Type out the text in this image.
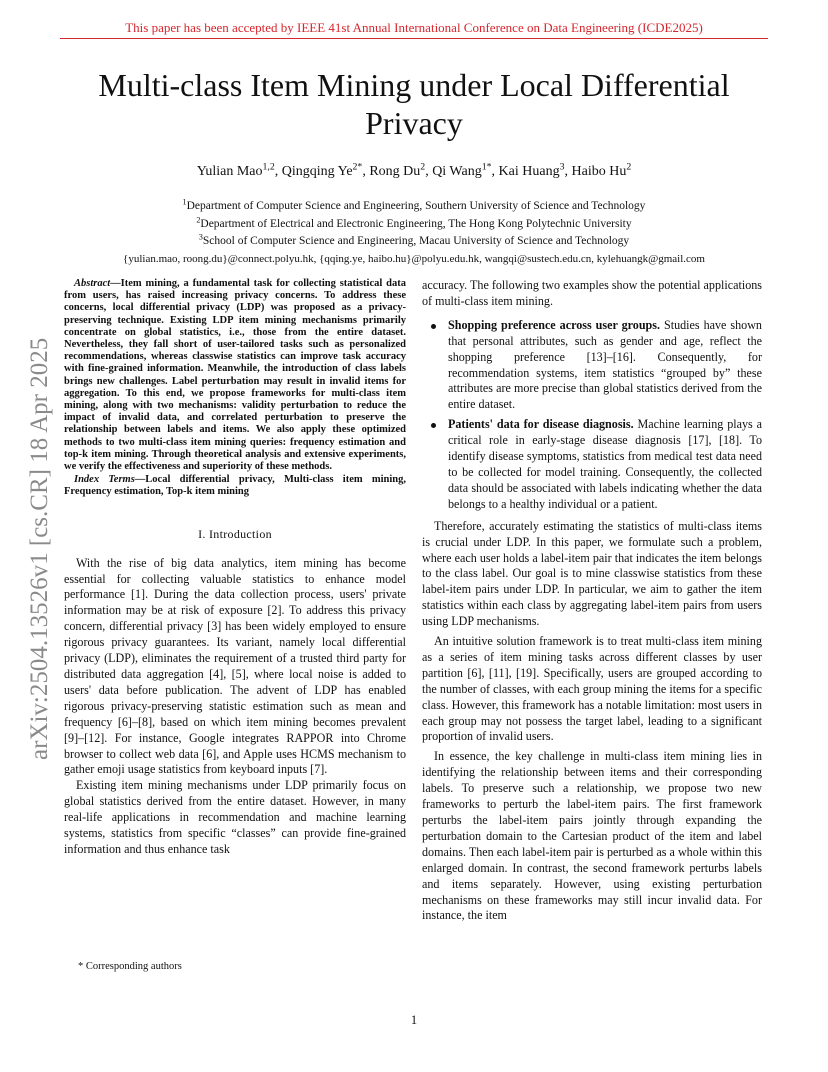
This paper has been accepted by IEEE 41st Annual International Conference on Data Engineering (ICDE2025)
Multi-class Item Mining under Local Differential Privacy
Yulian Mao$^{1,2}$, Qingqing $Ye^{2*}$, Rong Du$^2$, Qi Wang$^{1*}$, Kai Huang$^3$, Haibo Hu$^2$
$^1$Department of Computer Science and Engineering, Southern University of Science and Technology
$^2$Department of Electrical and Electronic Engineering, The Hong Kong Polytechnic University
$^3$School of Computer Science and Engineering, Macau University of Science and Technology
{yulian.mao, roong.du}@connect.polyu.hk, {qqing.ye, haibo.hu}@polyu.edu.hk, wangqi@sustech.edu.cn, kylehuangk@gmail.com
arXiv:2504.13526v1 [cs.CR] 18 Apr 2025

Abstract—Item mining, a fundamental task for collecting statistical data from users, has raised increasing privacy concerns. To address these concerns, local differential privacy (LDP) was proposed as a privacy-preserving technique. Existing LDP item mining mechanisms primarily concentrate on global statistics, i.e., those from the entire dataset. Nevertheless, they fall short of user-tailored tasks such as personalized recommendations, whereas classwise statistics can improve task accuracy with fine-grained information. Meanwhile, the introduction of class labels brings new challenges. Label perturbation may result in invalid items for aggregation. To this end, we propose frameworks for multi-class item mining, along with two mechanisms: validity perturbation to reduce the impact of invalid data, and correlated perturbation to preserve the relationship between labels and items. We also apply these optimized methods to two multi-class item mining queries: frequency estimation and top-k item mining. Through theoretical analysis and extensive experiments, we verify the effectiveness and superiority of these methods.

Index Terms—Local differential privacy, Multi-class item mining, Frequency estimation, Top-k item mining

I. Introduction

With the rise of big data analytics, item mining has become essential for collecting valuable statistics to enhance model performance [1]. During the data collection process, users' private information may be at risk of exposure [2]. To address this privacy concern, differential privacy [3] has been widely employed to ensure rigorous privacy guarantees. Its variant, namely local differential privacy (LDP), eliminates the requirement of a trusted third party for distributed data aggregation [4], [5], where local noise is added to users' data before publication. The advent of LDP has enabled rigorous privacy-preserving statistic estimation such as mean and frequency [6]–[8], based on which item mining becomes prevalent [9]–[12]. For instance, Google integrates RAPPOR into Chrome browser to collect web data [6], and Apple uses HCMS mechanism to gather emoji usage statistics from keyboard inputs [7].

Existing item mining mechanisms under LDP primarily focus on global statistics derived from the entire dataset. However, in many real-life applications in recommendation and machine learning systems, statistics from specific “classes” can provide fine-grained information and thus enhance task

accuracy. The following two examples show the potential applications of multi-class item mining.

Shopping preference across user groups. Studies have shown that personal attributes, such as gender and age, reflect the shopping preference [13]–[16]. Consequently, for recommendation systems, item statistics “grouped by” these attributes are more precise than global statistics derived from the entire dataset.
Patients' data for disease diagnosis. Machine learning plays a critical role in early-stage disease diagnosis [17], [18]. To identify disease symptoms, statistics from medical test data need to be collected for model training. Consequently, the collected data should be associated with labels indicating whether the data belongs to a healthy individual or a patient.

Therefore, accurately estimating the statistics of multi-class items is crucial under LDP. In this paper, we formulate such a problem, where each user holds a label-item pair that indicates the item belongs to the class label. Our goal is to mine classwise statistics from these label-item pairs under LDP. In particular, we aim to gather the item statistics within each class by aggregating label-item pairs from users using LDP mechanisms.

An intuitive solution framework is to treat multi-class item mining as a series of item mining tasks across different classes by user partition [6], [11], [19]. Specifically, users are grouped according to the number of classes, with each group mining the items for a specific class. However, this framework has a notable limitation: most users in each group may not possess the target label, leading to a significant proportion of invalid users.

In essence, the key challenge in multi-class item mining lies in identifying the relationship between items and their corresponding labels. To preserve such a relationship, we propose two new frameworks to perturb the label-item pairs. The first framework perturbs the label-item pairs jointly through expanding the perturbation domain to the Cartesian product of the item and label domains. Then each label-item pair is perturbed as a whole within this enlarged domain. In contrast, the second framework perturbs labels and items separately. However, using existing perturbation mechanisms on these frameworks may still incur invalid data. For instance, the item

* Corresponding authors
1
